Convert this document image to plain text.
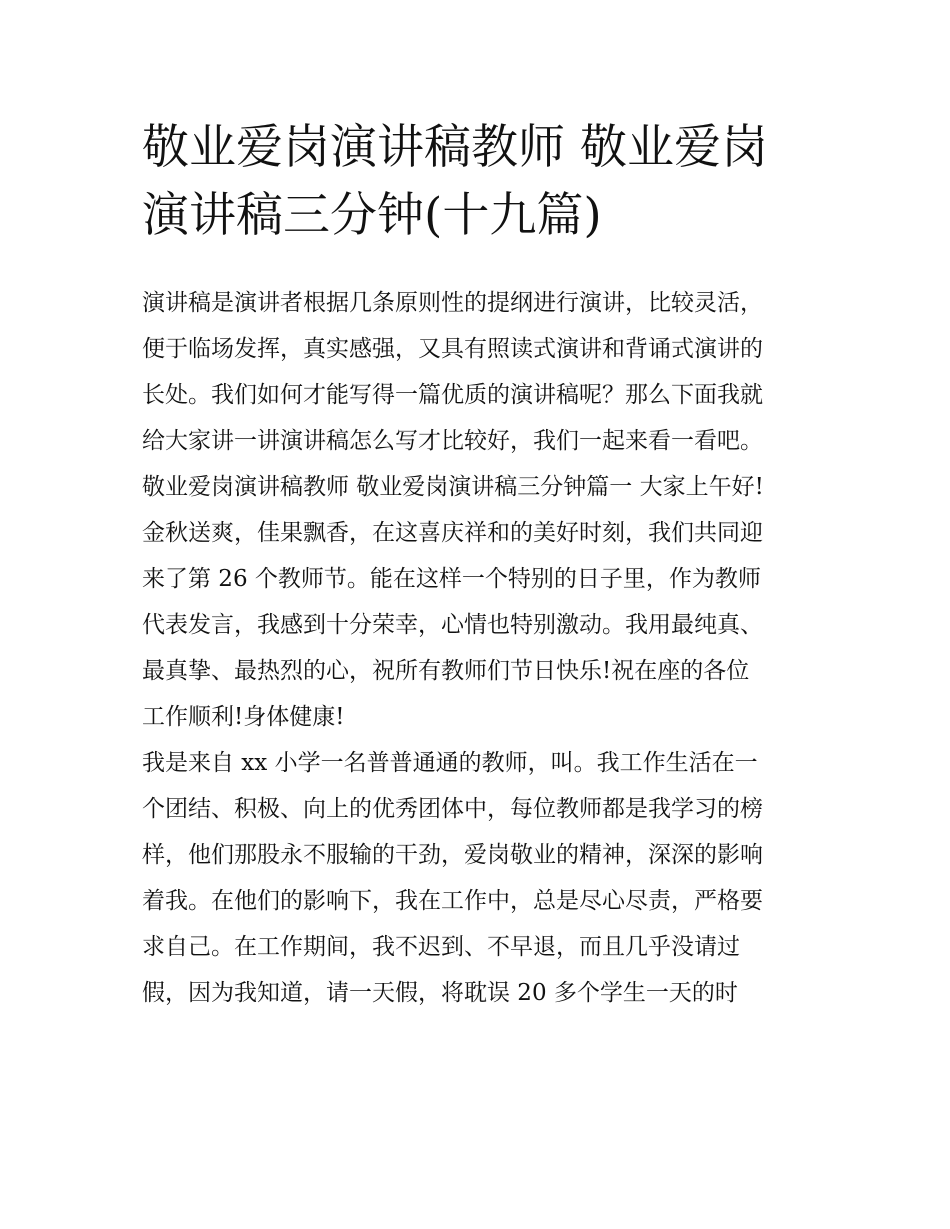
敬业爱岗演讲稿教师 敬业爱岗
演讲稿三分钟(十九篇)
演讲稿是演讲者根据几条原则性的提纲进行演讲，比较灵活，
便于临场发挥，真实感强，又具有照读式演讲和背诵式演讲的
长处。我们如何才能写得一篇优质的演讲稿呢？那么下面我就
给大家讲一讲演讲稿怎么写才比较好，我们一起来看一看吧。
敬业爱岗演讲稿教师 敬业爱岗演讲稿三分钟篇一 大家上午好!
金秋送爽，佳果飘香，在这喜庆祥和的美好时刻，我们共同迎
来了第 26 个教师节。能在这样一个特别的日子里，作为教师
代表发言，我感到十分荣幸，心情也特别激动。我用最纯真、
最真挚、最热烈的心，祝所有教师们节日快乐!祝在座的各位
工作顺利!身体健康!
我是来自 xx 小学一名普普通通的教师，叫。我工作生活在一
个团结、积极、向上的优秀团体中，每位教师都是我学习的榜
样，他们那股永不服输的干劲，爱岗敬业的精神，深深的影响
着我。在他们的影响下，我在工作中，总是尽心尽责，严格要
求自己。在工作期间，我不迟到、不早退，而且几乎没请过
假，因为我知道，请一天假，将耽误 20 多个学生一天的时
